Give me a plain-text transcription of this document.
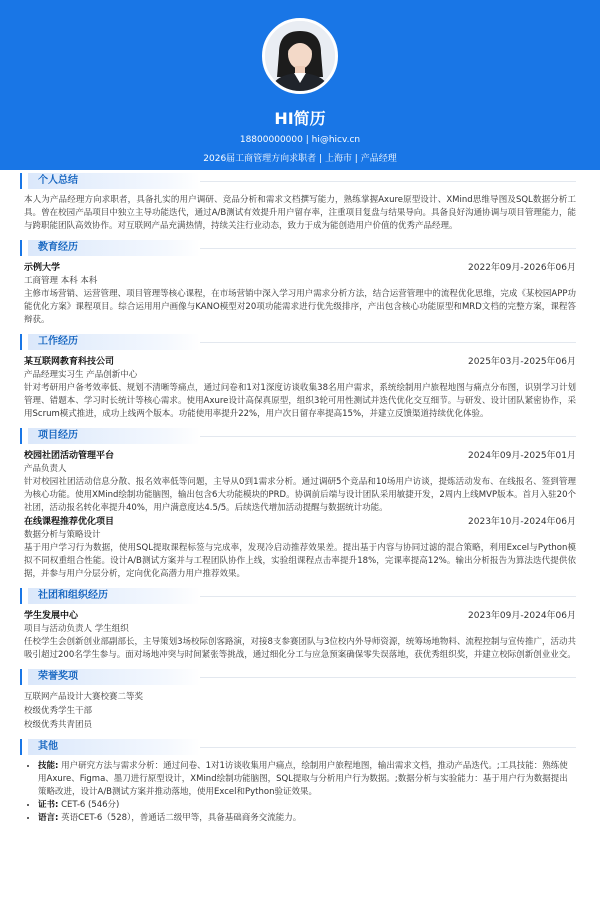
HI简历
18800000000 | hi@hicv.cn
2026届工商管理方向求职者 | 上海市 | 产品经理
个人总结

本人为产品经理方向求职者，具备扎实的用户调研、竞品分析和需求文档撰写能力，熟练掌握Axure原型设计、XMind思维导图及SQL数据分析工具。曾在校园产品项目中独立主导功能迭代，通过A/B测试有效提升用户留存率，注重项目复盘与结果导向。具备良好沟通协调与项目管理能力，能与跨职能团队高效协作。对互联网产品充满热情，持续关注行业动态，致力于成为能创造用户价值的优秀产品经理。

教育经历
示例大学	2022年09月-2026年06月
工商管理 本科 本科

主修市场营销、运营管理、项目管理等核心课程，在市场营销中深入学习用户需求分析方法，结合运营管理中的流程优化思维，完成《某校园APP功能优化方案》课程项目。综合运用用户画像与KANO模型对20项功能需求进行优先级排序，产出包含核心功能原型和MRD文档的完整方案，课程答辩获。

工作经历
某互联网教育科技公司	2025年03月-2025年06月
产品经理实习生 产品创新中心

针对考研用户备考效率低、规划不清晰等痛点，通过问卷和1对1深度访谈收集38名用户需求，系统绘制用户旅程地图与痛点分布图，识别学习计划管理、错题本、学习时长统计等核心需求。使用Axure设计高保真原型，组织3轮可用性测试并迭代优化交互细节。与研发、设计团队紧密协作，采用Scrum模式推进，成功上线两个版本。功能使用率提升22%，用户次日留存率提高15%，并建立反馈渠道持续优化体验。

项目经历
校园社团活动管理平台	2024年09月-2025年01月
产品负责人

针对校园社团活动信息分散、报名效率低等问题，主导从0到1需求分析。通过调研5个竞品和10场用户访谈，提炼活动发布、在线报名、签到管理为核心功能。使用XMind绘制功能脑图，输出包含6大功能模块的PRD。协调前后端与设计团队采用敏捷开发，2周内上线MVP版本。首月入驻20个社团，活动报名转化率提升40%，用户满意度达4.5/5。后续迭代增加活动提醒与数据统计功能。

在线课程推荐优化项目	2023年10月-2024年06月
数据分析与策略设计

基于用户学习行为数据，使用SQL提取课程标签与完成率，发现冷启动推荐效果差。提出基于内容与协同过滤的混合策略，利用Excel与Python模拟不同权重组合性能。设计A/B测试方案并与工程团队协作上线，实验组课程点击率提升18%，完课率提高12%。输出分析报告为算法迭代提供依据，并参与用户分层分析，定向优化高潜力用户推荐效果。

社团和组织经历
学生发展中心	2023年09月-2024年06月
项目与活动负责人 学生组织

任校学生会创新创业部副部长，主导策划3场校际创客路演，对接8支参赛团队与3位校内外导师资源，统筹场地物料、流程控制与宣传推广，活动共吸引超过200名学生参与。面对场地冲突与时间紧张等挑战，通过细化分工与应急预案确保零失误落地，获优秀组织奖，并建立校际创新创业业交。

荣誉奖项
互联网产品设计大赛校赛二等奖
校级优秀学生干部
校级优秀共青团员
其他
• 技能: 用户研究方法与需求分析：通过问卷、1对1访谈收集用户痛点，绘制用户旅程地图，输出需求文档，推动产品迭代。;工具技能：熟练使用Axure、Figma、墨刀进行原型设计，XMind绘制功能脑图，SQL提取与分析用户行为数据。;数据分析与实验能力：基于用户行为数据提出策略改进，设计A/B测试方案并推动落地，使用Excel和Python验证效果。
• 证书: CET-6 (546分)
• 语言: 英语CET-6（528），普通话二级甲等，具备基础商务交流能力。
